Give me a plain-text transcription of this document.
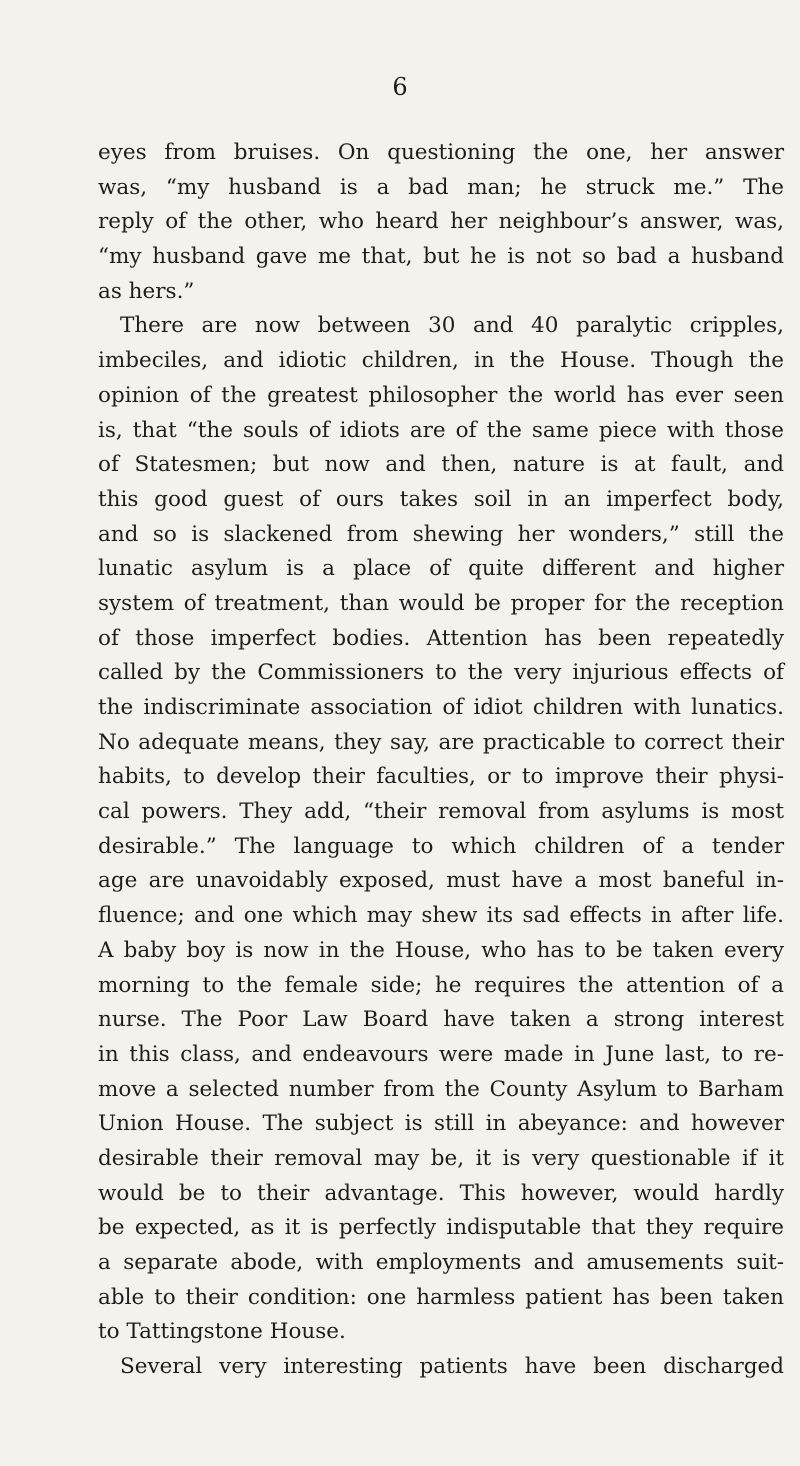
6
eyes from bruises. On questioning the one, her answer
was, “my husband is a bad man; he struck me.” The
reply of the other, who heard her neighbour’s answer, was,
“my husband gave me that, but he is not so bad a husband
as hers.”
There are now between 30 and 40 paralytic cripples,
imbeciles, and idiotic children, in the House. Though the
opinion of the greatest philosopher the world has ever seen
is, that “the souls of idiots are of the same piece with those
of Statesmen; but now and then, nature is at fault, and
this good guest of ours takes soil in an imperfect body,
and so is slackened from shewing her wonders,” still the
lunatic asylum is a place of quite different and higher
system of treatment, than would be proper for the reception
of those imperfect bodies. Attention has been repeatedly
called by the Commissioners to the very injurious effects of
the indiscriminate association of idiot children with lunatics.
No adequate means, they say, are practicable to correct their
habits, to develop their faculties, or to improve their physi-
cal powers. They add, “their removal from asylums is most
desirable.” The language to which children of a tender
age are unavoidably exposed, must have a most baneful in-
fluence; and one which may shew its sad effects in after life.
A baby boy is now in the House, who has to be taken every
morning to the female side; he requires the attention of a
nurse. The Poor Law Board have taken a strong interest
in this class, and endeavours were made in June last, to re-
move a selected number from the County Asylum to Barham
Union House. The subject is still in abeyance: and however
desirable their removal may be, it is very questionable if it
would be to their advantage. This however, would hardly
be expected, as it is perfectly indisputable that they require
a separate abode, with employments and amusements suit-
able to their condition: one harmless patient has been taken
to Tattingstone House.
Several very interesting patients have been discharged
